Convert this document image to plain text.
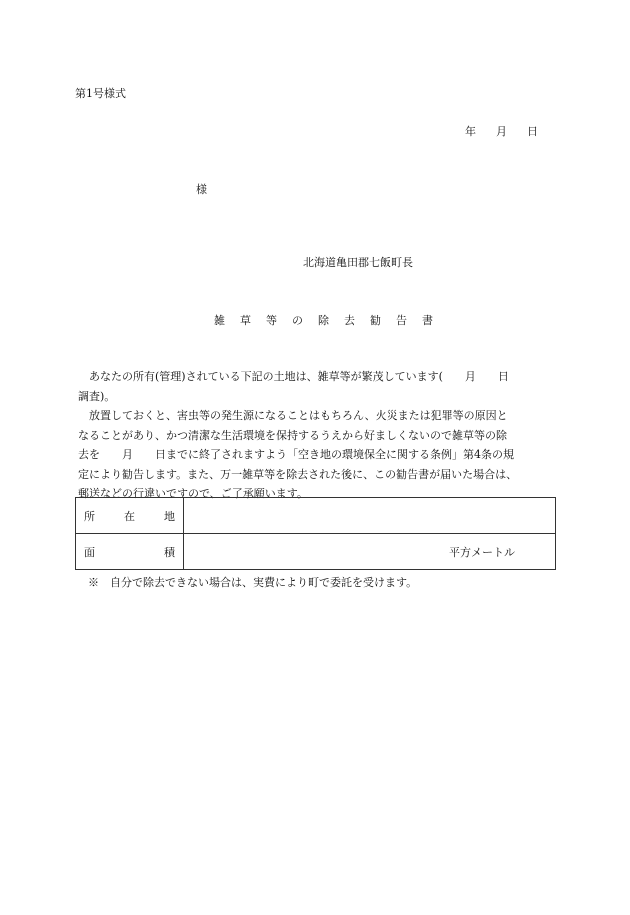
第1号様式
年 月 日
様
北海道亀田郡七飯町長
雑 草 等 の 除 去 勧 告 書
あなたの所有(管理)されている下記の土地は、雑草等が繁茂しています(　　月　　日
調査)。
放置しておくと、害虫等の発生源になることはもちろん、火災または犯罪等の原因と
なることがあり、かつ清潔な生活環境を保持するうえから好ましくないので雑草等の除
去を　　月　　日までに終了されますよう「空き地の環境保全に関する条例」第4条の規
定により勧告します。また、万一雑草等を除去された後に、この勧告書が届いた場合は、
郵送などの行違いですので、ご了承願います。
所 在 地	

面 積	平方メートル
※　自分で除去できない場合は、実費により町で委託を受けます。
